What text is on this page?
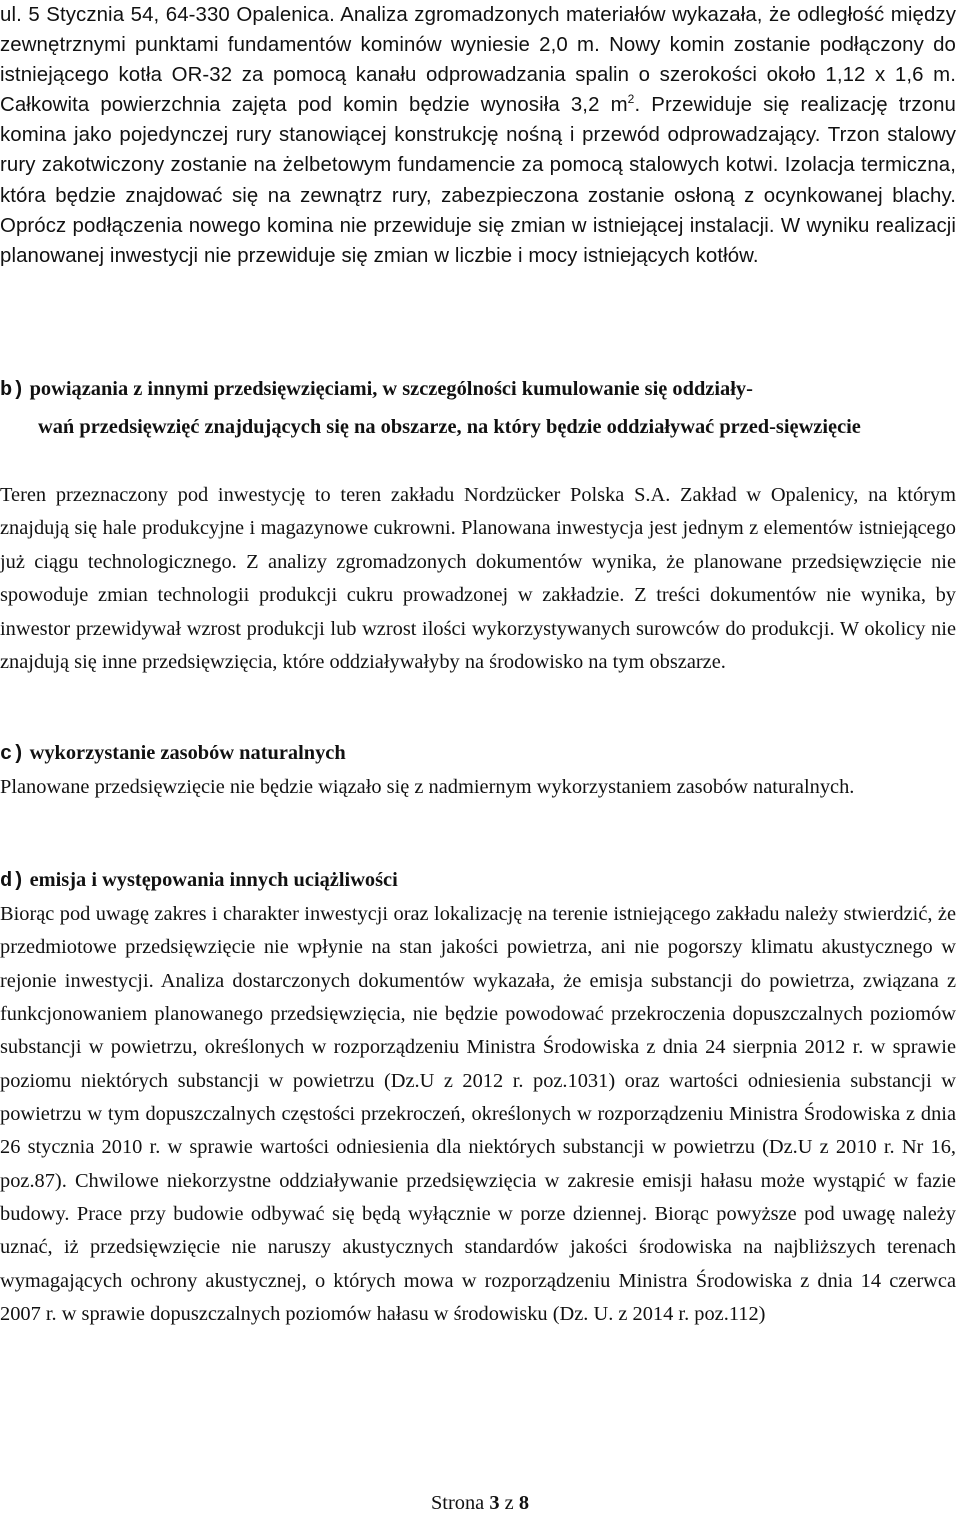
ul. 5 Stycznia 54, 64-330 Opalenica. Analiza zgromadzonych materiałów wykazała, że odległość między zewnętrznymi punktami fundamentów kominów wyniesie 2,0 m. Nowy komin zostanie podłączony do istniejącego kotła OR-32 za pomocą kanału odprowadzania spalin o szerokości około 1,12 x 1,6 m. Całkowita powierzchnia zajęta pod komin będzie wynosiła 3,2 $m^2$. Przewiduje się realizację trzonu komina jako pojedynczej rury stanowiącej konstrukcję nośną i przewód odprowadzający. Trzon stalowy rury zakotwiczony zostanie na żelbetowym fundamencie za pomocą stalowych kotwi. Izolacja termiczna, która będzie znajdować się na zewnątrz rury, zabezpieczona zostanie osłoną z ocynkowanej blachy. Oprócz podłączenia nowego komina nie przewiduje się zmian w istniejącej instalacji. W wyniku realizacji planowanej inwestycji nie przewiduje się zmian w liczbie i mocy istniejących kotłów.

b) powiązania z innymi przedsięwzięciami, w szczególności kumulowanie się oddziały-
wań przedsięwzięć znajdujących się na obszarze, na który będzie oddziaływać przed-sięwzięcie

Teren przeznaczony pod inwestycję to teren zakładu Nordzücker Polska S.A. Zakład w Opalenicy, na którym znajdują się hale produkcyjne i magazynowe cukrowni. Planowana inwestycja jest jednym z elementów istniejącego już ciągu technologicznego. Z analizy zgromadzonych dokumentów wynika, że planowane przedsięwzięcie nie spowoduje zmian technologii produkcji cukru prowadzonej w zakładzie. Z treści dokumentów nie wynika, by inwestor przewidywał wzrost produkcji lub wzrost ilości wykorzystywanych surowców do produkcji. W okolicy nie znajdują się inne przedsięwzięcia, które oddziaływałyby na środowisko na tym obszarze.

c) wykorzystanie zasobów naturalnych

Planowane przedsięwzięcie nie będzie wiązało się z nadmiernym wykorzystaniem zasobów naturalnych.

d) emisja i występowania innych uciążliwości

Biorąc pod uwagę zakres i charakter inwestycji oraz lokalizację na terenie istniejącego zakładu należy stwierdzić, że przedmiotowe przedsięwzięcie nie wpłynie na stan jakości powietrza, ani nie pogorszy klimatu akustycznego w rejonie inwestycji. Analiza dostarczonych dokumentów wykazała, że emisja substancji do powietrza, związana z funkcjonowaniem planowanego przedsięwzięcia, nie będzie powodować przekroczenia dopuszczalnych poziomów substancji w powietrzu, określonych w rozporządzeniu Ministra Środowiska z dnia 24 sierpnia 2012 r. w sprawie poziomu niektórych substancji w powietrzu (Dz.U z 2012 r. poz.1031) oraz wartości odniesienia substancji w powietrzu w tym dopuszczalnych częstości przekroczeń, określonych w rozporządzeniu Ministra Środowiska z dnia 26 stycznia 2010 r. w sprawie wartości odniesienia dla niektórych substancji w powietrzu (Dz.U z 2010 r. Nr 16, poz.87). Chwilowe niekorzystne oddziaływanie przedsięwzięcia w zakresie emisji hałasu może wystąpić w fazie budowy. Prace przy budowie odbywać się będą wyłącznie w porze dziennej. Biorąc powyższe pod uwagę należy uznać, iż przedsięwzięcie nie naruszy akustycznych standardów jakości środowiska na najbliższych terenach wymagających ochrony akustycznej, o których mowa w rozporządzeniu Ministra Środowiska z dnia 14 czerwca 2007 r. w sprawie dopuszczalnych poziomów hałasu w środowisku (Dz. U. z 2014 r. poz.112)

Strona 3 z 8
